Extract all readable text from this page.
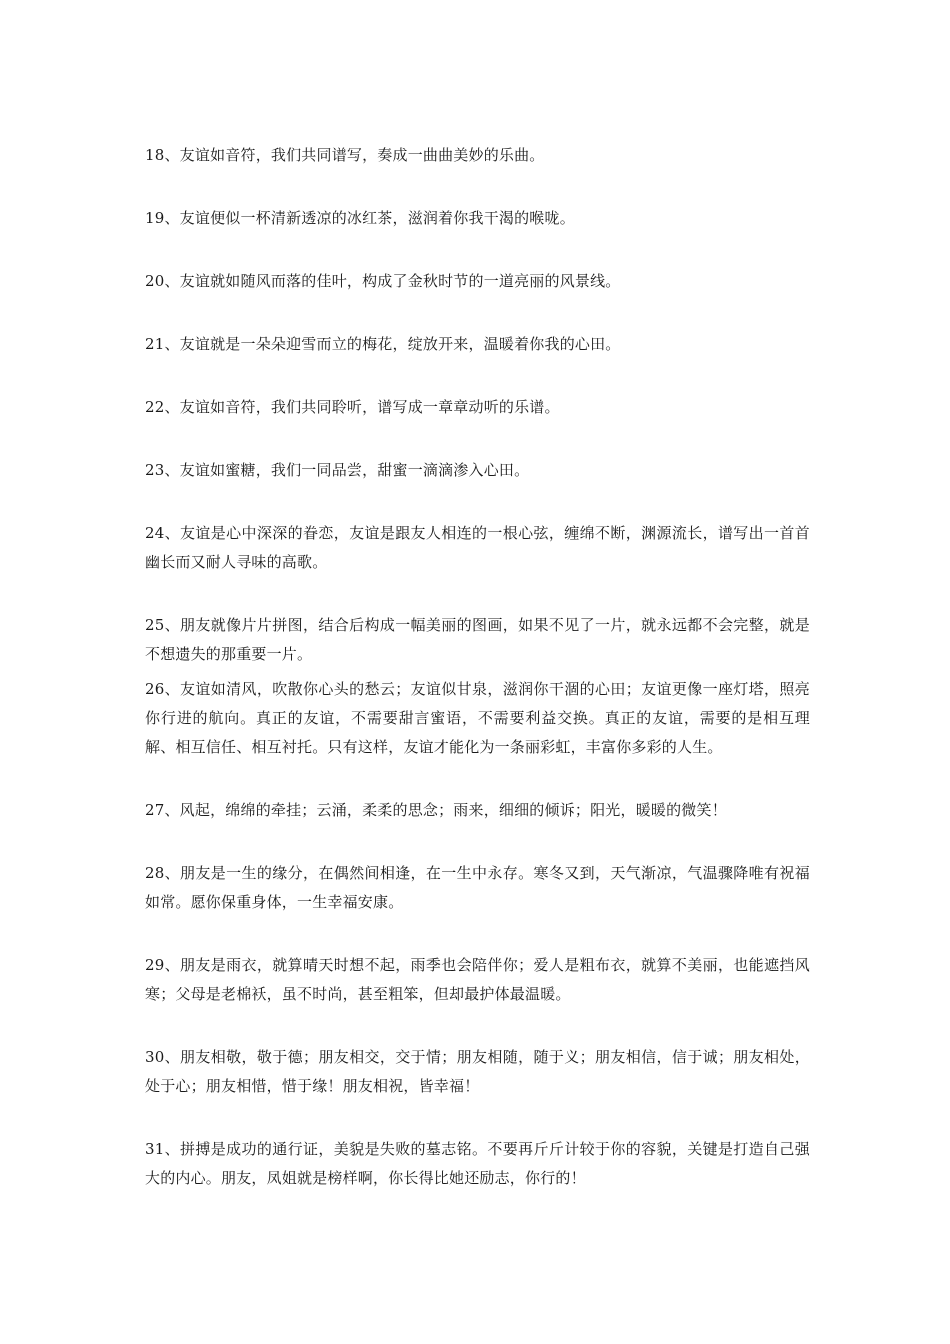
18、友谊如音符，我们共同谱写，奏成一曲曲美妙的乐曲。

19、友谊便似一杯清新透凉的冰红茶，滋润着你我干渴的喉咙。

20、友谊就如随风而落的佳叶，构成了金秋时节的一道亮丽的风景线。

21、友谊就是一朵朵迎雪而立的梅花，绽放开来，温暖着你我的心田。

22、友谊如音符，我们共同聆听，谱写成一章章动听的乐谱。

23、友谊如蜜糖，我们一同品尝，甜蜜一滴滴渗入心田。

24、友谊是心中深深的眷恋，友谊是跟友人相连的一根心弦，缠绵不断，渊源流长，谱写出一首首幽长而又耐人寻味的高歌。

25、朋友就像片片拼图，结合后构成一幅美丽的图画，如果不见了一片，就永远都不会完整，就是不想遗失的那重要一片。

26、友谊如清风，吹散你心头的愁云；友谊似甘泉，滋润你干涸的心田；友谊更像一座灯塔，照亮你行进的航向。真正的友谊，不需要甜言蜜语，不需要利益交换。真正的友谊，需要的是相互理解、相互信任、相互衬托。只有这样，友谊才能化为一条丽彩虹，丰富你多彩的人生。

27、风起，绵绵的牵挂；云涌，柔柔的思念；雨来，细细的倾诉；阳光，暖暖的微笑！

28、朋友是一生的缘分，在偶然间相逢，在一生中永存。寒冬又到，天气渐凉，气温骤降唯有祝福如常。愿你保重身体，一生幸福安康。

29、朋友是雨衣，就算晴天时想不起，雨季也会陪伴你；爱人是粗布衣，就算不美丽，也能遮挡风寒；父母是老棉袄，虽不时尚，甚至粗笨，但却最护体最温暖。

30、朋友相敬，敬于德；朋友相交，交于情；朋友相随，随于义；朋友相信，信于诚；朋友相处，处于心；朋友相惜，惜于缘！朋友相祝，皆幸福！

31、拼搏是成功的通行证，美貌是失败的墓志铭。不要再斤斤计较于你的容貌，关键是打造自己强大的内心。朋友，凤姐就是榜样啊，你长得比她还励志，你行的！
